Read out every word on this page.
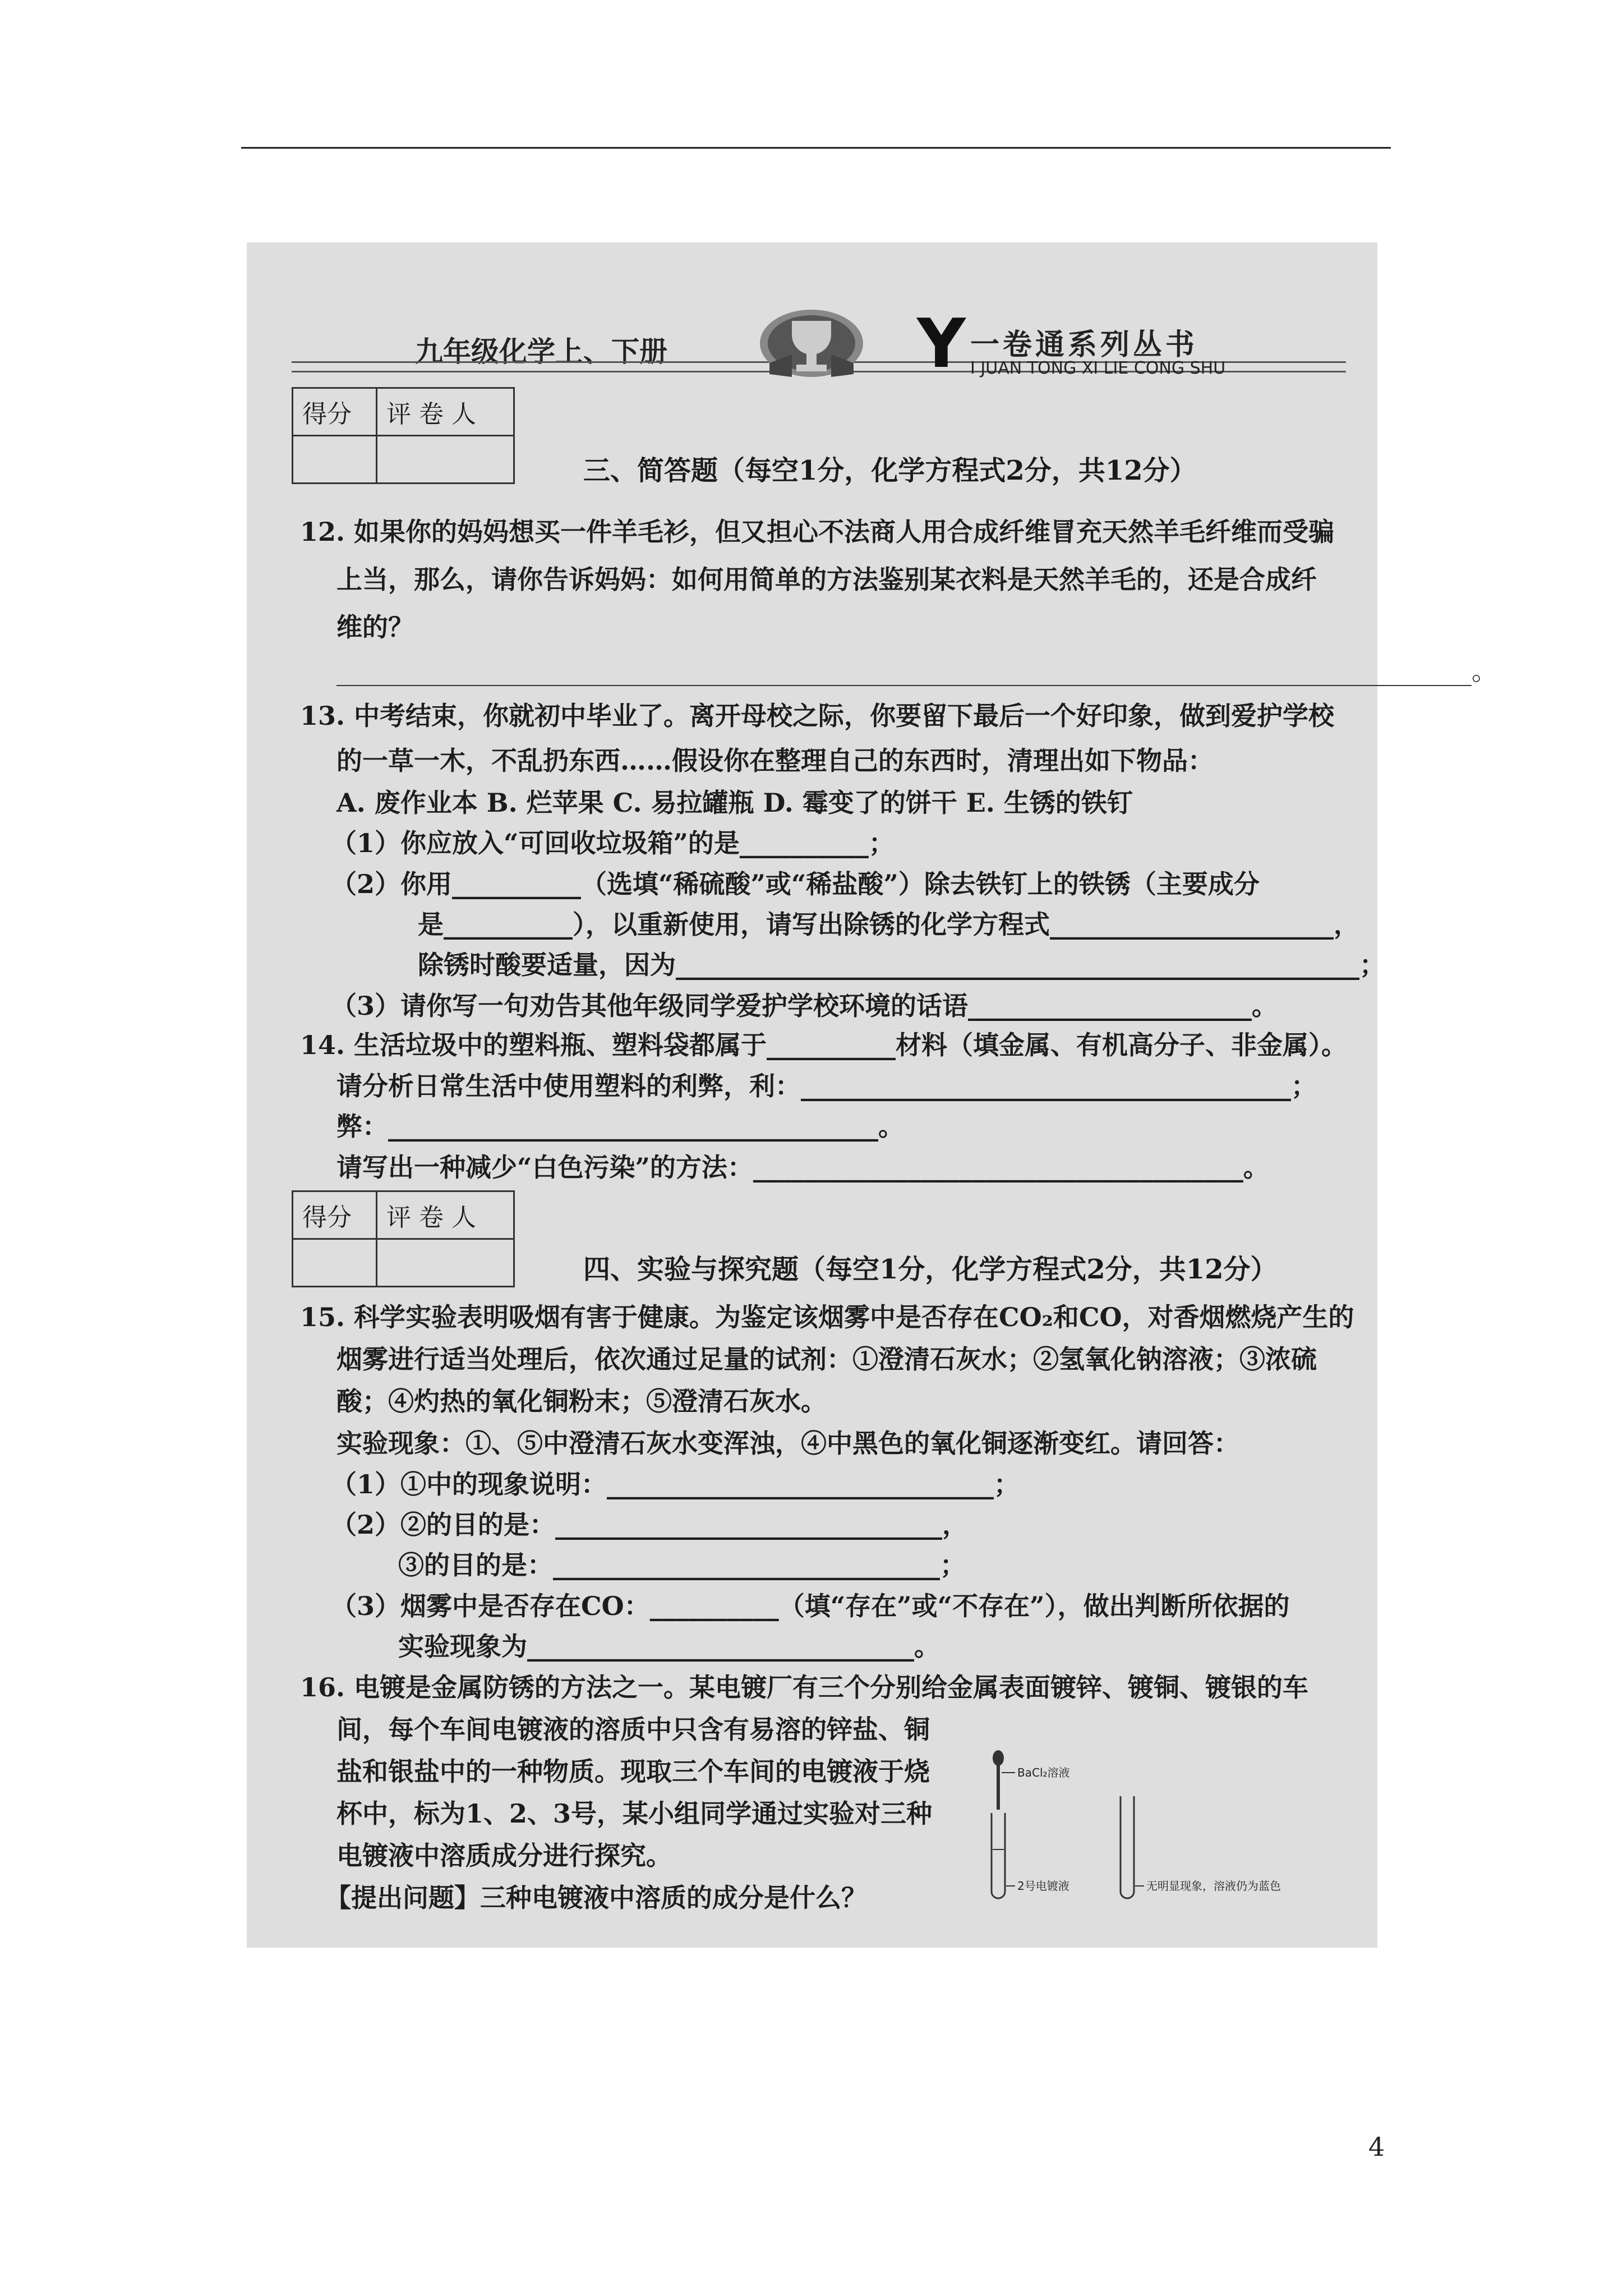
九年级化学上、下册	Y 一卷通系列丛书
I JUAN TONG XI LIE CONG SHU
得分	评 卷 人

三、简答题（每空1分，化学方程式2分，共12分）
12. 如果你的妈妈想买一件羊毛衫，但又担心不法商人用合成纤维冒充天然羊毛纤维而受骗
上当，那么，请你告诉妈妈：如何用简单的方法鉴别某衣料是天然羊毛的，还是合成纤
维的？
________________________________________________________________________________________。
13. 中考结束，你就初中毕业了。离开母校之际，你要留下最后一个好印象，做到爱护学校
的一草一木，不乱扔东西……假设你在整理自己的东西时，清理出如下物品：
A. 废作业本 B. 烂苹果 C. 易拉罐瓶 D. 霉变了的饼干 E. 生锈的铁钉
（1）你应放入“可回收垃圾箱”的是__________；
（2）你用__________（选填“稀硫酸”或“稀盐酸”）除去铁钉上的铁锈（主要成分
是__________），以重新使用，请写出除锈的化学方程式______________________，
除锈时酸要适量，因为_____________________________________________________；
（3）请你写一句劝告其他年级同学爱护学校环境的话语______________________。
14. 生活垃圾中的塑料瓶、塑料袋都属于__________材料（填金属、有机高分子、非金属）。
请分析日常生活中使用塑料的利弊，利：______________________________________；
弊：______________________________________。
请写出一种减少“白色污染”的方法：______________________________________。
得分	评 卷 人

四、实验与探究题（每空1分，化学方程式2分，共12分）
15. 科学实验表明吸烟有害于健康。为鉴定该烟雾中是否存在CO₂和CO，对香烟燃烧产生的
烟雾进行适当处理后，依次通过足量的试剂：①澄清石灰水；②氢氧化钠溶液；③浓硫
酸；④灼热的氧化铜粉末；⑤澄清石灰水。
实验现象：①、⑤中澄清石灰水变浑浊，④中黑色的氧化铜逐渐变红。请回答：
（1）①中的现象说明：______________________________；
（2）②的目的是：______________________________，
③的目的是：______________________________；
（3）烟雾中是否存在CO：__________（填“存在”或“不存在”），做出判断所依据的
实验现象为______________________________。
16. 电镀是金属防锈的方法之一。某电镀厂有三个分别给金属表面镀锌、镀铜、镀银的车
间，每个车间电镀液的溶质中只含有易溶的锌盐、铜
盐和银盐中的一种物质。现取三个车间的电镀液于烧
杯中，标为1、2、3号，某小组同学通过实验对三种
电镀液中溶质成分进行探究。
【提出问题】三种电镀液中溶质的成分是什么？
BaCl₂溶液
2号电镀液	无明显现象，溶液仍为蓝色
4
